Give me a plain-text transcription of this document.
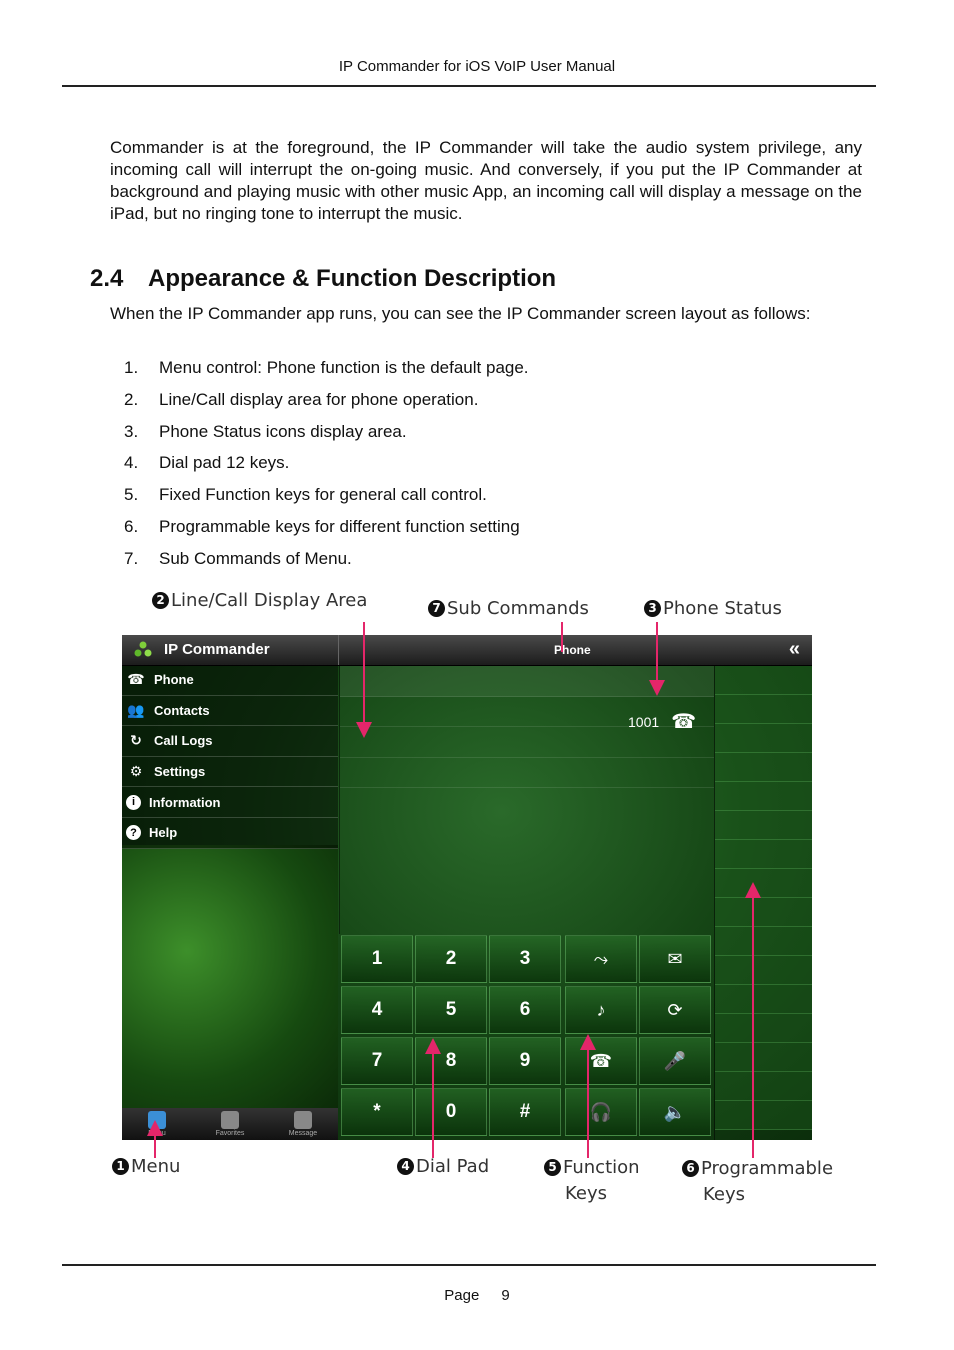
IP Commander for iOS VoIP User Manual
Commander is at the foreground, the IP Commander will take the audio system privilege, any incoming call will interrupt the on-going music. And conversely, if you put the IP Commander at background and playing music with other music App, an incoming call will display a message on the iPad, but no ringing tone to interrupt the music.
2.4 Appearance & Function Description
When the IP Commander app runs, you can see the IP Commander screen layout as follows:
1. Menu control: Phone function is the default page.
2. Line/Call display area for phone operation.
3. Phone Status icons display area.
4. Dial pad 12 keys.
5. Fixed Function keys for general call control.
6. Programmable keys for different function setting
7. Sub Commands of Menu.
2 Line/Call Display Area	7 Sub Commands	3 Phone Status
1 Menu	4 Dial Pad	5 Function
Keys
6 Programmable
Keys
IP Commander	Phone	«
☎ Phone
👥 Contacts
↻ Call Logs
⚙ Settings
i	Information
? Help
Menu	Favorites	Message
1001 ☎
1	2	3
4	5	6
7	8	9
*	0	#
⤳	✉
♪	⟳
☎	🎤
🎧	🔈
Page 9
